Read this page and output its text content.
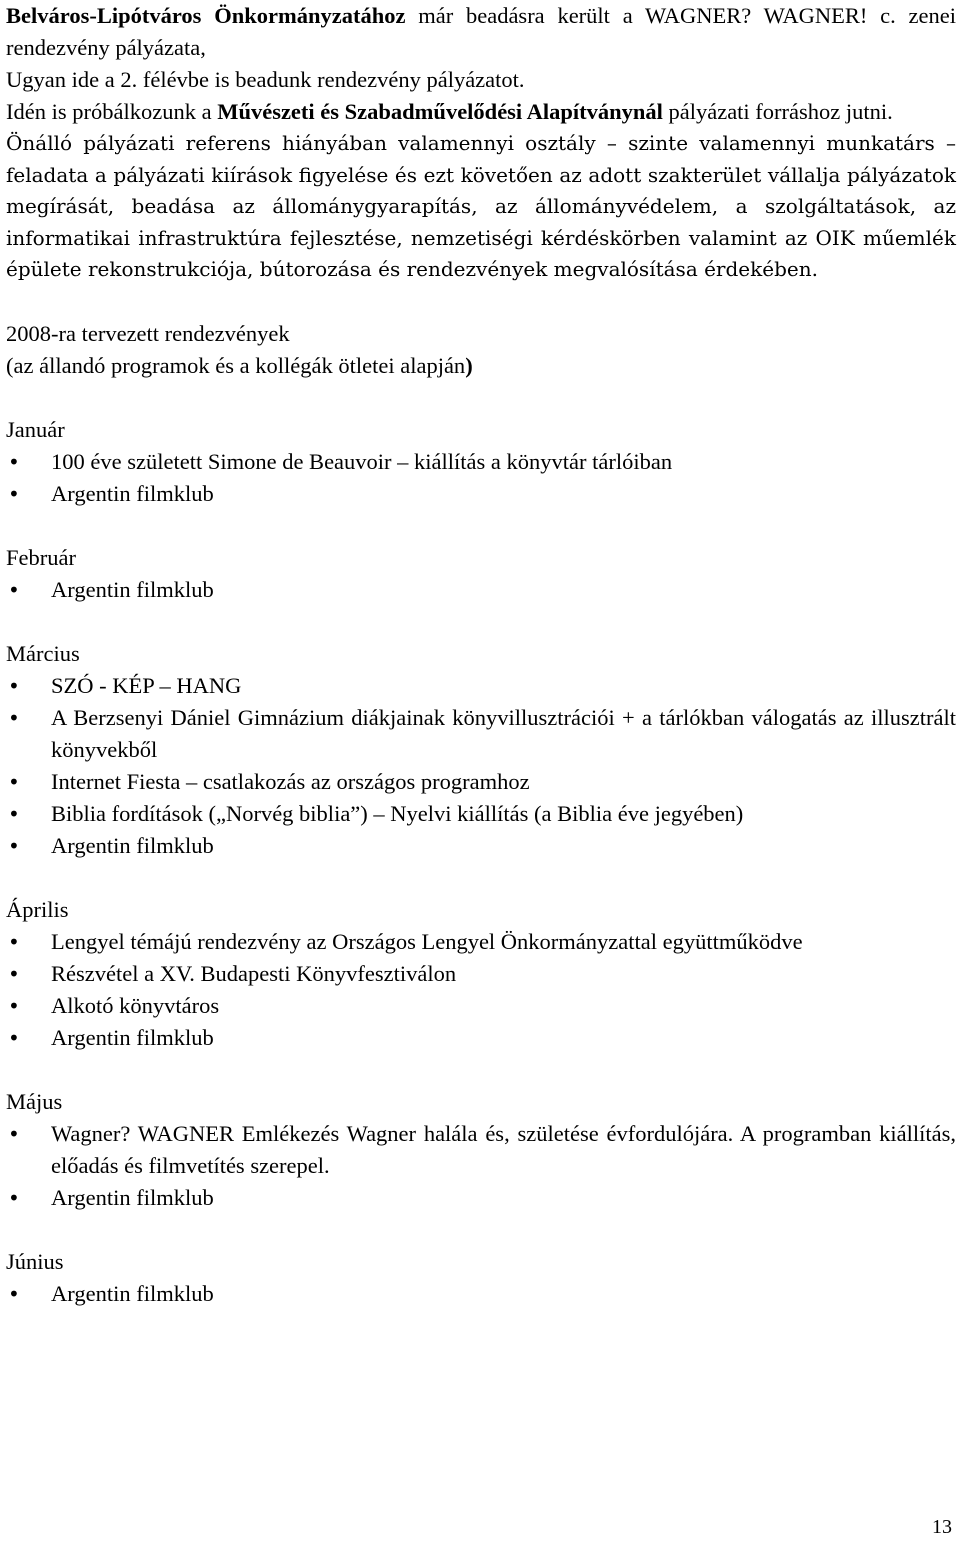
Belváros-Lipótváros Önkormányzatához már beadásra került a WAGNER? WAGNER! c. zenei rendezvény pályázata,

Ugyan ide a 2. félévbe is beadunk rendezvény pályázatot.

Idén is próbálkozunk a Művészeti és Szabadművelődési Alapítványnál pályázati forráshoz jutni.

Önálló pályázati referens hiányában valamennyi osztály – szinte valamennyi munkatárs – feladata a pályázati kiírások figyelése és ezt követően az adott szakterület vállalja pályázatok megírását, beadása az állománygyarapítás, az állományvédelem, a szolgáltatások, az informatikai infrastruktúra fejlesztése, nemzetiségi kérdéskörben valamint az OIK műemlék épülete rekonstrukciója, bútorozása és rendezvények megvalósítása érdekében.

2008-ra tervezett rendezvények

(az állandó programok és a kollégák ötletei alapján)

Január

• 100 éve született Simone de Beauvoir – kiállítás a könyvtár tárlóiban
• Argentin filmklub

Február

• Argentin filmklub

Március

• SZÓ - KÉP – HANG
• A Berzsenyi Dániel Gimnázium diákjainak könyvillusztrációi + a tárlókban válogatás az illusztrált könyvekből
• Internet Fiesta – csatlakozás az országos programhoz
• Biblia fordítások („Norvég biblia”) – Nyelvi kiállítás (a Biblia éve jegyében)
• Argentin filmklub

Április

• Lengyel témájú rendezvény az Országos Lengyel Önkormányzattal együttműködve
• Részvétel a XV. Budapesti Könyvfesztiválon
• Alkotó könyvtáros
• Argentin filmklub

Május

• Wagner? WAGNER Emlékezés Wagner halála és, születése évfordulójára. A programban kiállítás, előadás és filmvetítés szerepel.
• Argentin filmklub

Június

• Argentin filmklub
13
